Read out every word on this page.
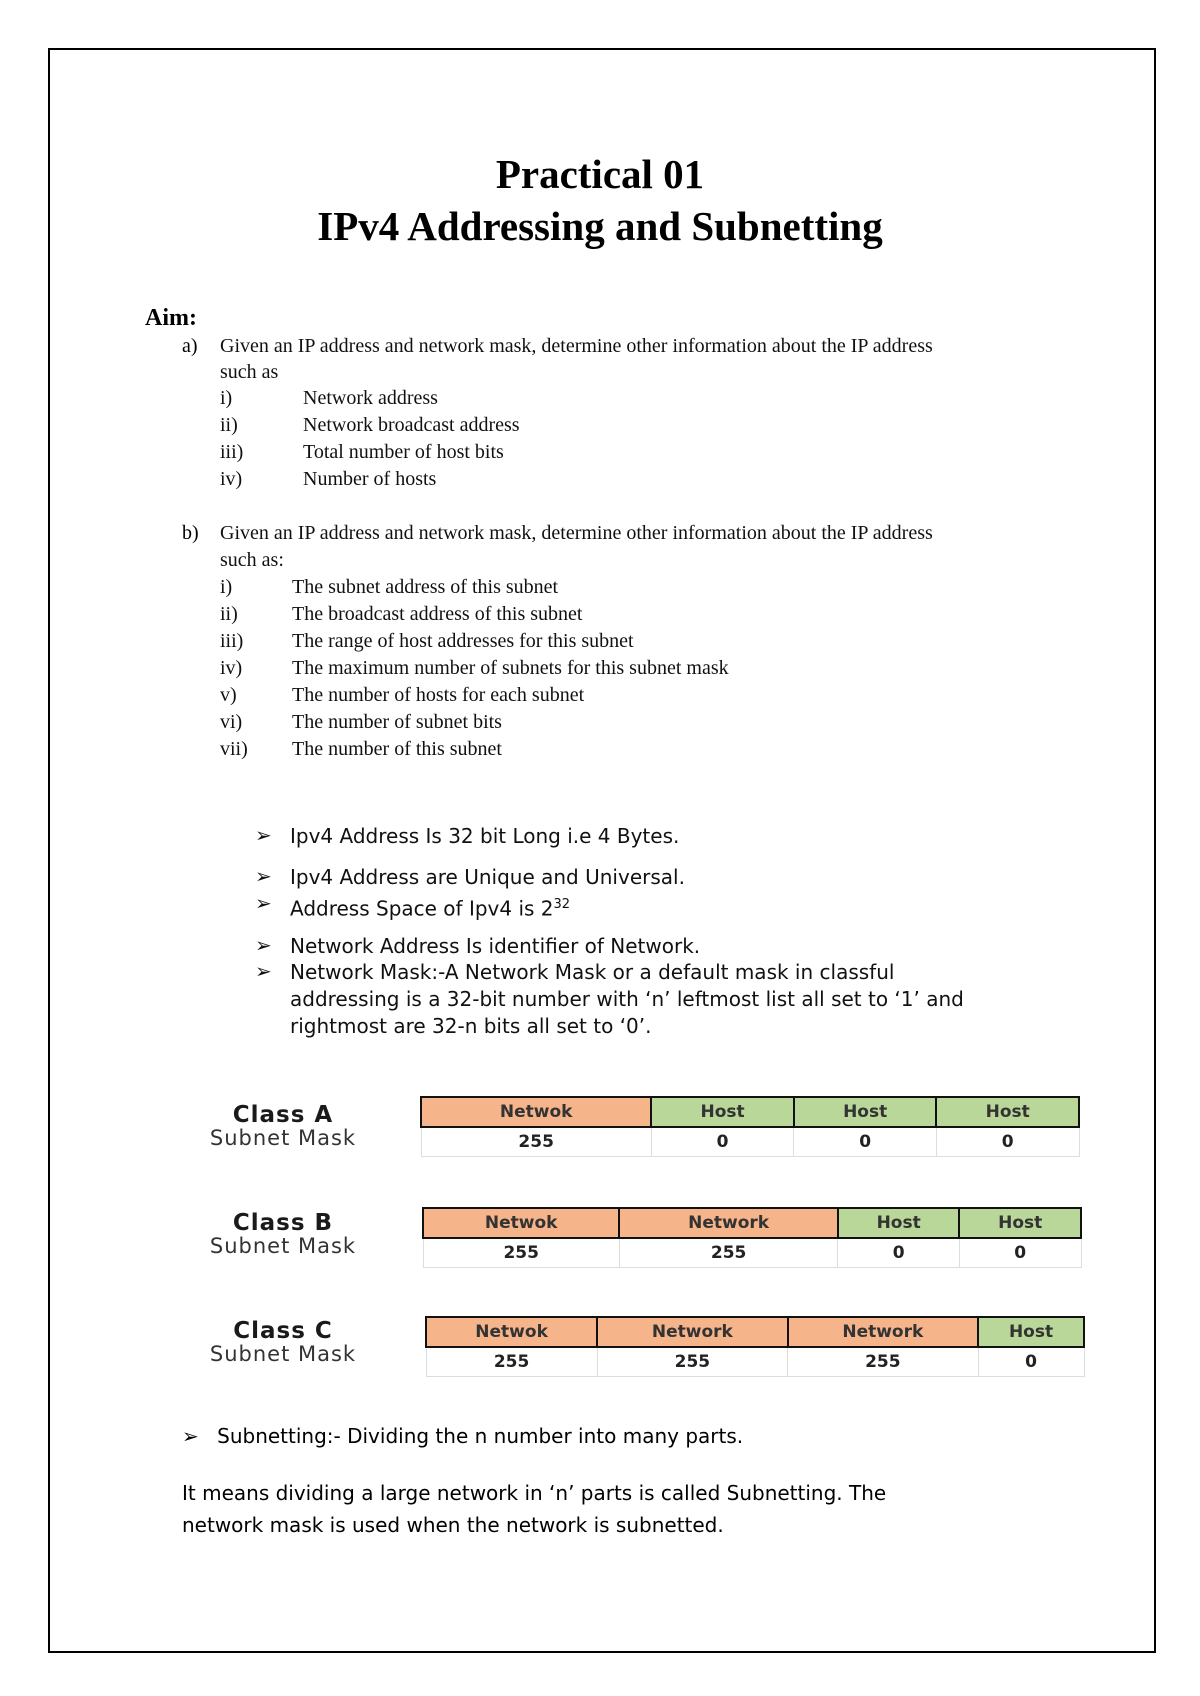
Practical 01
IPv4 Addressing and Subnetting
Aim:
a) Given an IP address and network mask, determine other information about the IP address
such as
i)	Network address
ii)	Network broadcast address
iii)	Total number of host bits
iv)	Number of hosts
b) Given an IP address and network mask, determine other information about the IP address
such as:
i)	The subnet address of this subnet
ii)	The broadcast address of this subnet
iii) The range of host addresses for this subnet
iv) The maximum number of subnets for this subnet mask
v)	The number of hosts for each subnet
vi) The number of subnet bits
vii) The number of this subnet
➢ Ipv4 Address Is 32 bit Long i.e 4 Bytes.
➢ Ipv4 Address are Unique and Universal.
➢ Address Space of Ipv4 is $2^{32}$
➢ Network Address Is identifier of Network.
➢ Network Mask:-A Network Mask or a default mask in classful
addressing is a 32-bit number with ‘n’ leftmost list all set to ‘1’ and
rightmost are 32-n bits all set to ‘0’.
Class A
Subnet Mask
Netwok	Host	Host	Host
255	0	0	0
Class B
Subnet Mask
Netwok	Network	Host	Host
255	255	0	0
Class C
Subnet Mask
Netwok	Network	Network	Host
255	255	255	0
➢ Subnetting:- Dividing the n number into many parts.
It means dividing a large network in ‘n’ parts is called Subnetting. The
network mask is used when the network is subnetted.
